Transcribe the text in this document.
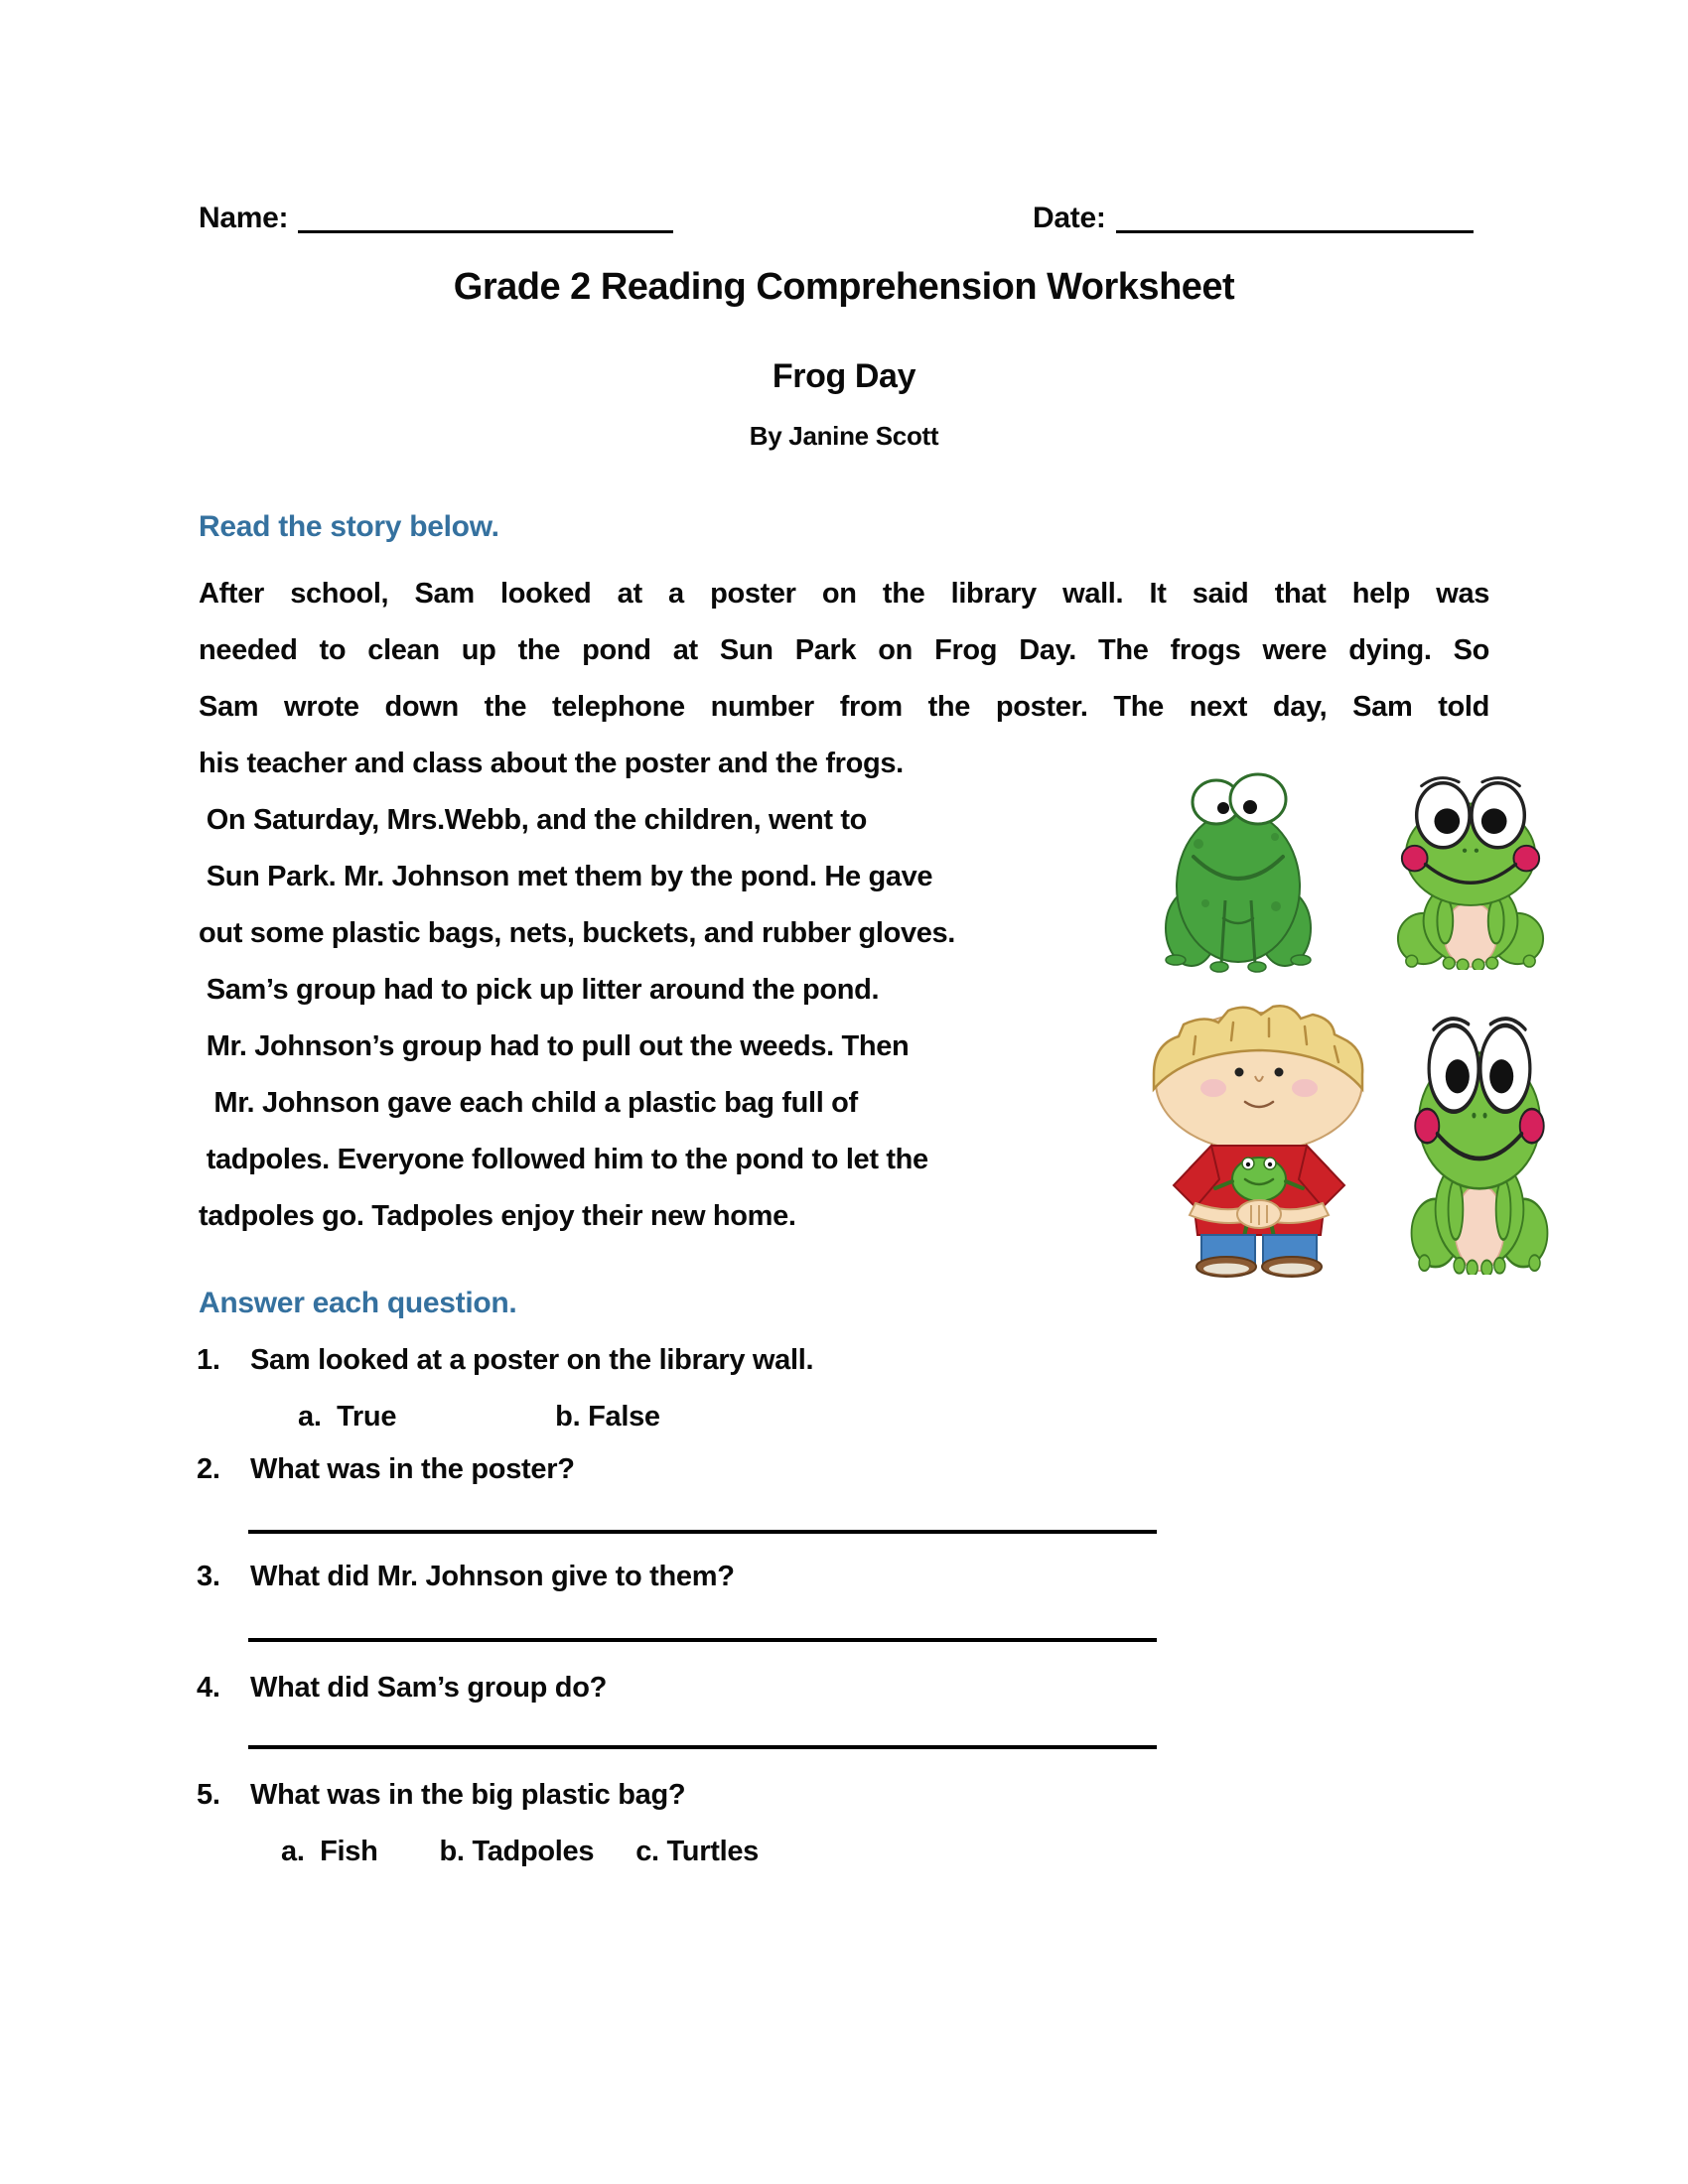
Name:	Date:
Grade 2 Reading Comprehension Worksheet
Frog Day
By Janine Scott
Read the story below.
After school, Sam looked at a poster on the library wall. It said that help was
needed to clean up the pond at Sun Park on Frog Day. The frogs were dying. So
Sam wrote down the telephone number from the poster. The next day, Sam told
his teacher and class about the poster and the frogs.
On Saturday, Mrs.Webb, and the children, went to
Sun Park. Mr. Johnson met them by the pond. He gave
out some plastic bags, nets, buckets, and rubber gloves.
Sam’s group had to pick up litter around the pond.
Mr. Johnson’s group had to pull out the weeds. Then
Mr. Johnson gave each child a plastic bag full of
tadpoles. Everyone followed him to the pond to let the
tadpoles go. Tadpoles enjoy their new home.
Answer each question.
1.	Sam looked at a poster on the library wall.
a.  True	b. False
2.	What was in the poster?
3.	What did Mr. Johnson give to them?
4.	What did Sam’s group do?
5.	What was in the big plastic bag?
a.  Fish b. Tadpoles c. Turtles
